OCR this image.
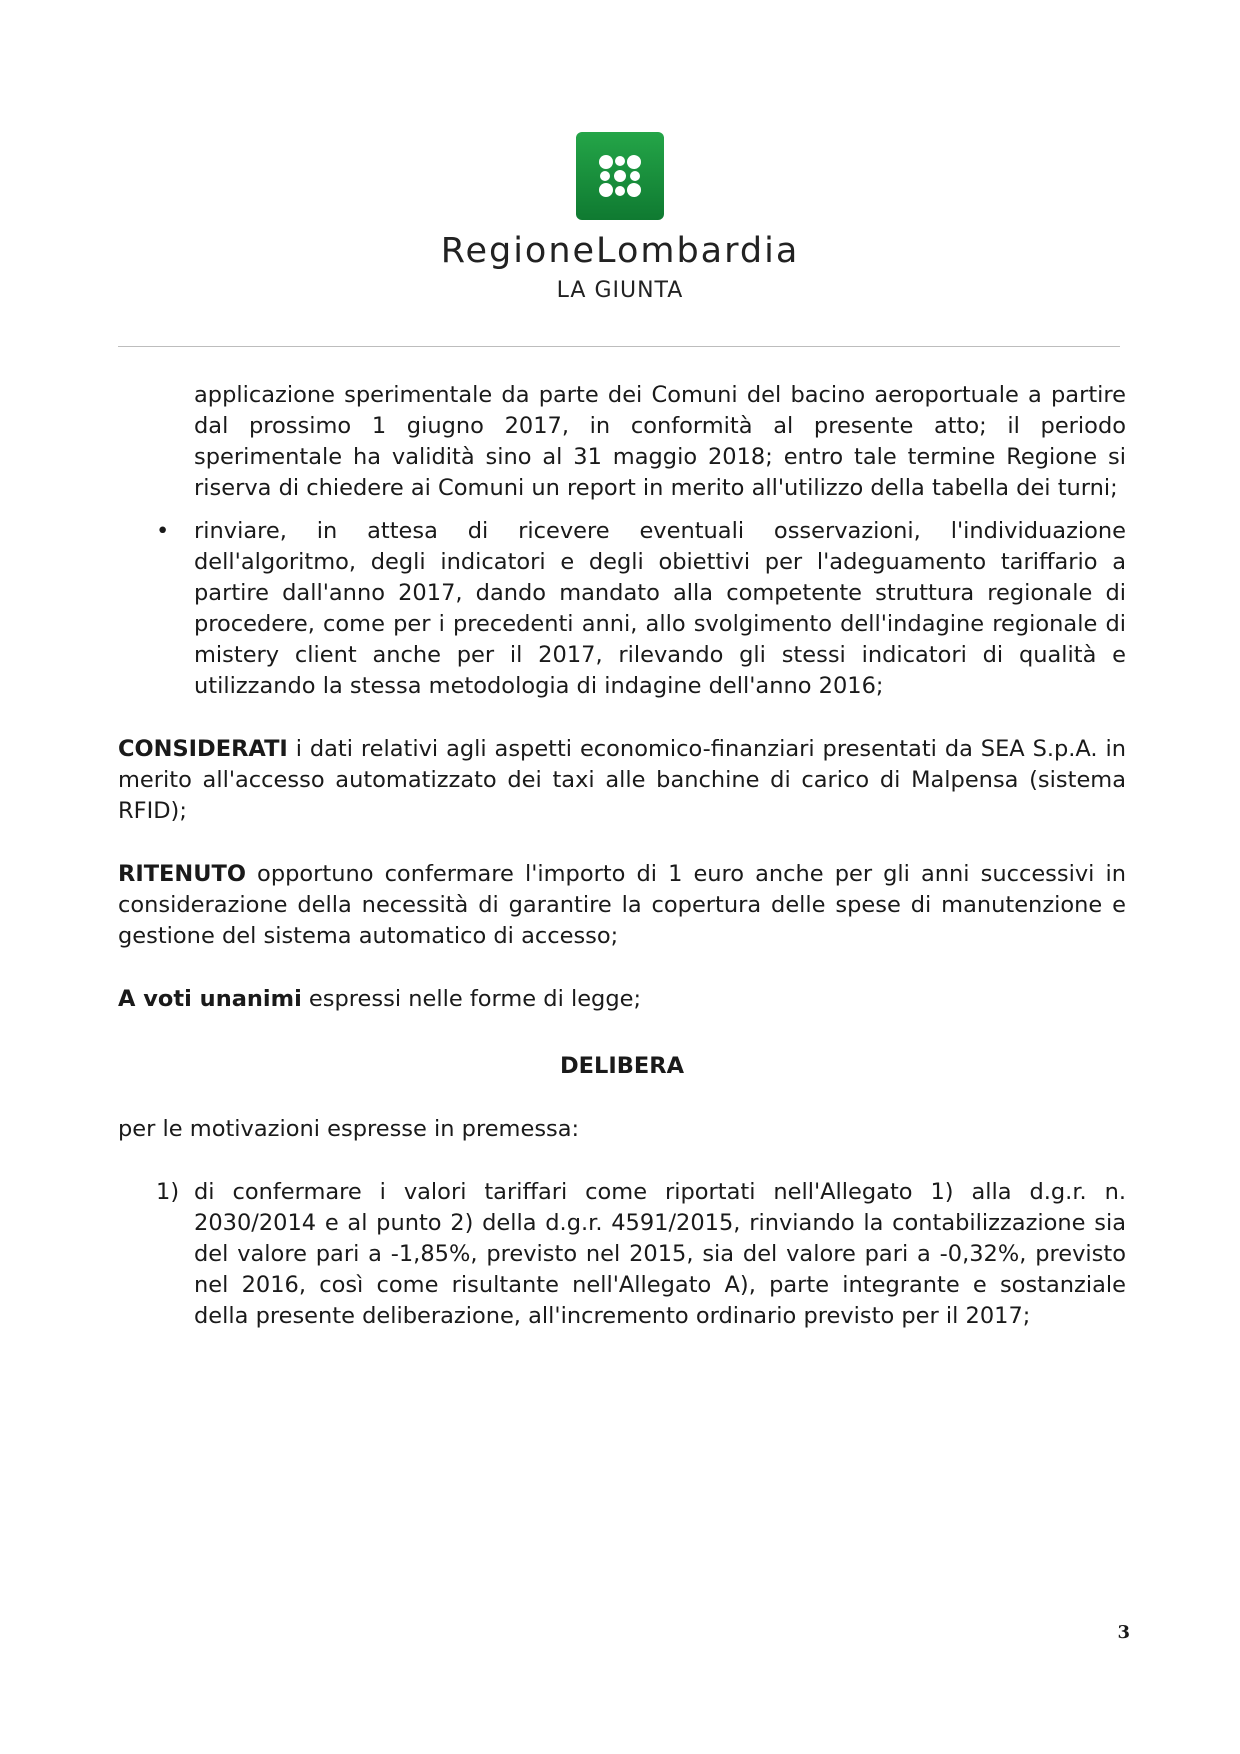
RegioneLombardia
LA GIUNTA

applicazione sperimentale da parte dei Comuni del bacino aeroportuale a partire dal prossimo 1 giugno 2017, in conformità al presente atto; il periodo sperimentale ha validità sino al 31 maggio 2018; entro tale termine Regione si riserva di chiedere ai Comuni un report in merito all'utilizzo della tabella dei turni;

• rinviare, in attesa di ricevere eventuali osservazioni, l'individuazione dell'algoritmo, degli indicatori e degli obiettivi per l'adeguamento tariffario a partire dall'anno 2017, dando mandato alla competente struttura regionale di procedere, come per i precedenti anni, allo svolgimento dell'indagine regionale di mistery client anche per il 2017, rilevando gli stessi indicatori di qualità e utilizzando la stessa metodologia di indagine dell'anno 2016;

CONSIDERATI i dati relativi agli aspetti economico-finanziari presentati da SEA S.p.A. in merito all'accesso automatizzato dei taxi alle banchine di carico di Malpensa (sistema RFID);

RITENUTO opportuno confermare l'importo di 1 euro anche per gli anni successivi in considerazione della necessità di garantire la copertura delle spese di manutenzione e gestione del sistema automatico di accesso;

A voti unanimi espressi nelle forme di legge;

DELIBERA

per le motivazioni espresse in premessa:

1) di confermare i valori tariffari come riportati nell'Allegato 1) alla d.g.r. n. 2030/2014 e al punto 2) della d.g.r. 4591/2015, rinviando la contabilizzazione sia del valore pari a -1,85%, previsto nel 2015, sia del valore pari a -0,32%, previsto nel 2016, così come risultante nell'Allegato A), parte integrante e sostanziale della presente deliberazione, all'incremento ordinario previsto per il 2017;

3
